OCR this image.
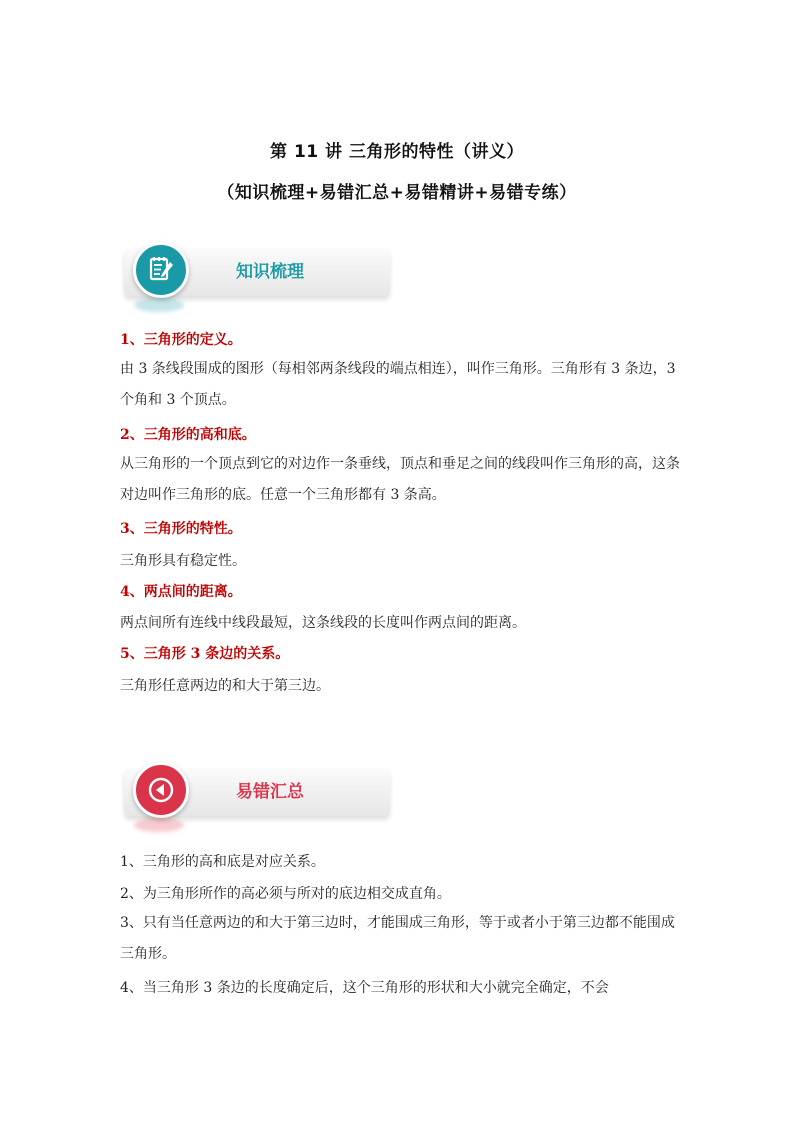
第 11 讲 三角形的特性（讲义）
（知识梳理+易错汇总+易错精讲+易错专练）
知识梳理
1、三角形的定义。
由 3 条线段围成的图形（每相邻两条线段的端点相连），叫作三角形。三角形有 3 条边，3 个角和 3 个顶点。
2、三角形的高和底。
从三角形的一个顶点到它的对边作一条垂线，顶点和垂足之间的线段叫作三角形的高，这条对边叫作三角形的底。任意一个三角形都有 3 条高。
3、三角形的特性。
三角形具有稳定性。
4、两点间的距离。
两点间所有连线中线段最短，这条线段的长度叫作两点间的距离。
5、三角形 3 条边的关系。
三角形任意两边的和大于第三边。
易错汇总
1、三角形的高和底是对应关系。
2、为三角形所作的高必须与所对的底边相交成直角。
3、只有当任意两边的和大于第三边时，才能围成三角形，等于或者小于第三边都不能围成三角形。
4、当三角形 3 条边的长度确定后，这个三角形的形状和大小就完全确定，不会
